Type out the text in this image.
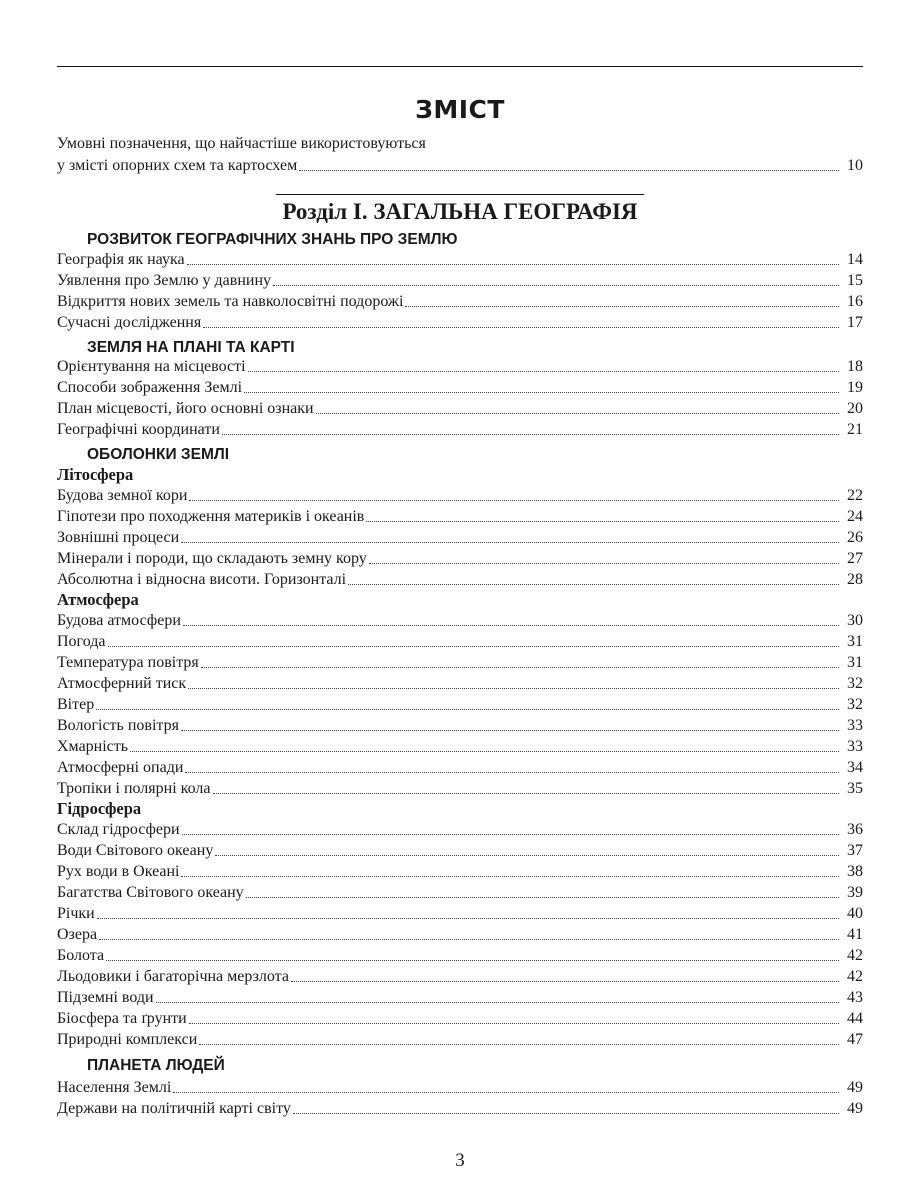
ЗМІСТ
Умовні позначення, що найчастіше використовуються
у змісті опорних схем та картосхем	10
Розділ I. ЗАГАЛЬНА ГЕОГРАФІЯ
РОЗВИТОК ГЕОГРАФІЧНИХ ЗНАНЬ ПРО ЗЕМЛЮ
Географія як наука	14
Уявлення про Землю у давнину	15
Відкриття нових земель та навколосвітні подорожі	16
Сучасні дослідження	17
ЗЕМЛЯ НА ПЛАНІ ТА КАРТІ
Орієнтування на місцевості	18
Способи зображення Землі	19
План місцевості, його основні ознаки	20
Географічні координати	21
ОБОЛОНКИ ЗЕМЛІ
Літосфера
Будова земної кори	22
Гіпотези про походження материків і океанів	24
Зовнішні процеси	26
Мінерали і породи, що складають земну кору	27
Абсолютна і відносна висоти. Горизонталі	28
Атмосфера
Будова атмосфери	30
Погода	31
Температура повітря	31
Атмосферний тиск	32
Вітер	32
Вологість повітря	33
Хмарність	33
Атмосферні опади	34
Тропіки і полярні кола	35
Гідросфера
Склад гідросфери	36
Води Світового океану	37
Рух води в Океані	38
Багатства Світового океану	39
Річки	40
Озера	41
Болота	42
Льодовики і багаторічна мерзлота	42
Підземні води	43
Біосфера та ґрунти	44
Природні комплекси	47
ПЛАНЕТА ЛЮДЕЙ
Населення Землі	49
Держави на політичній карті світу	49
3
